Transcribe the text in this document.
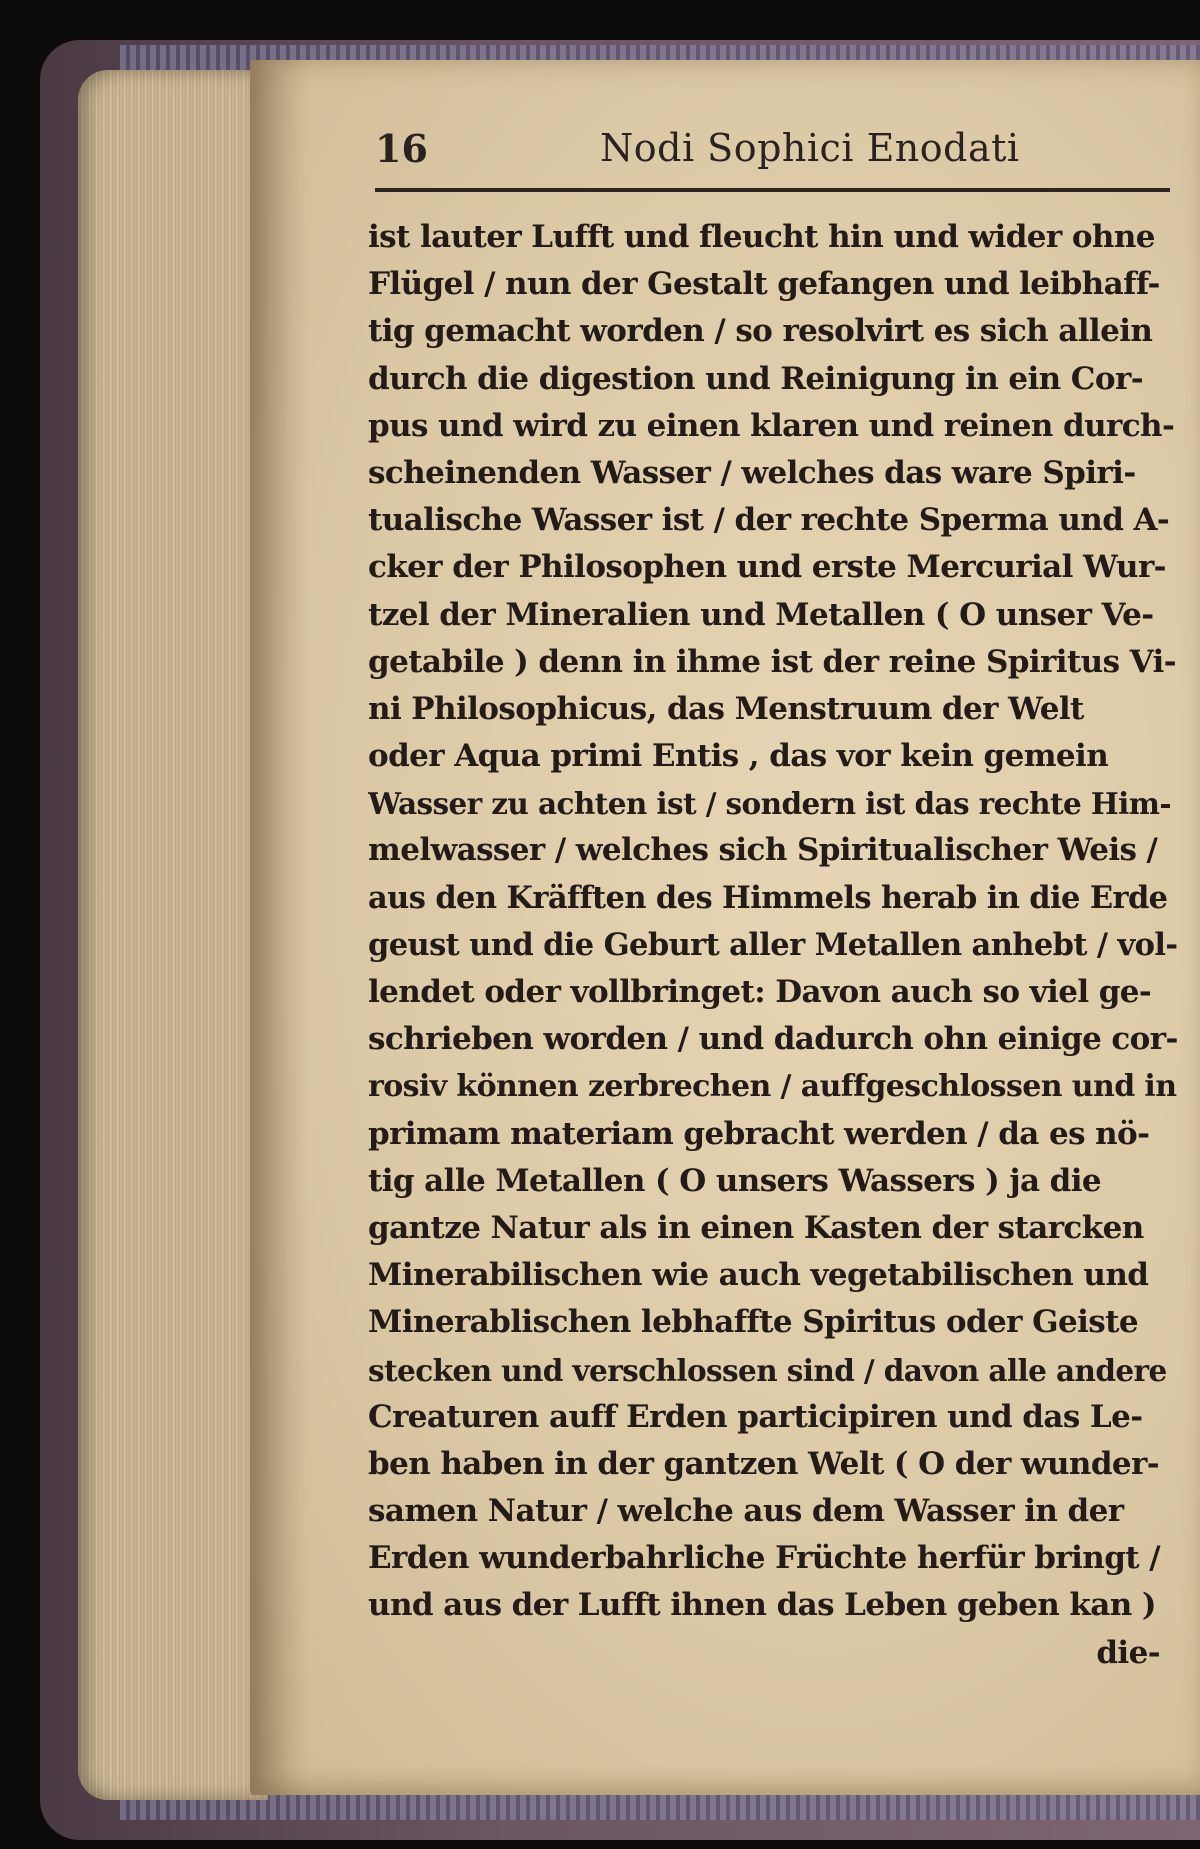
16	Nodi Sophici Enodati
ist lauter Lufft und fleucht hin und wider ohne
Flügel / nun der Gestalt gefangen und leibhaff-
tig gemacht worden / so resolvirt es sich allein
durch die digestion und Reinigung in ein Cor-
pus und wird zu einen klaren und reinen durch-
scheinenden Wasser / welches das ware Spiri-
tualische Wasser ist / der rechte Sperma und A-
cker der Philosophen und erste Mercurial Wur-
tzel der Mineralien und Metallen ( O unser Ve-
getabile ) denn in ihme ist der reine Spiritus Vi-
ni Philosophicus, das Menstruum der Welt
oder Aqua primi Entis , das vor kein gemein
Wasser zu achten ist / sondern ist das rechte Him-
melwasser / welches sich Spiritualischer Weis /
aus den Kräfften des Himmels herab in die Erde
geust und die Geburt aller Metallen anhebt / vol-
lendet oder vollbringet: Davon auch so viel ge-
schrieben worden / und dadurch ohn einige cor-
rosiv können zerbrechen / auffgeschlossen und in
primam materiam gebracht werden / da es nö-
tig alle Metallen ( O unsers Wassers ) ja die
gantze Natur als in einen Kasten der starcken
Minerabilischen wie auch vegetabilischen und
Minerablischen lebhaffte Spiritus oder Geiste
stecken und verschlossen sind / davon alle andere
Creaturen auff Erden participiren und das Le-
ben haben in der gantzen Welt ( O der wunder-
samen Natur / welche aus dem Wasser in der
Erden wunderbahrliche Früchte herfür bringt /
und aus der Lufft ihnen das Leben geben kan )
die-
